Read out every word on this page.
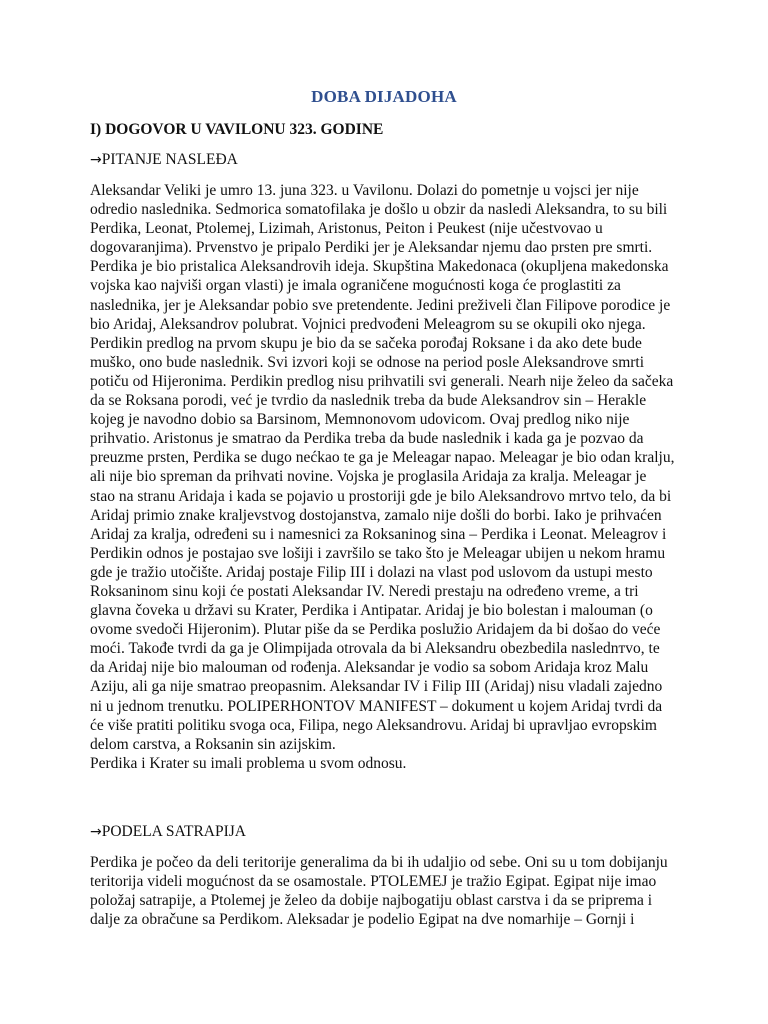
DOBA DIJADOHA
I) DOGOVOR U VAVILONU 323. GODINE
→PITANJE NASLEĐA
Aleksandar Veliki je umro 13. juna 323. u Vavilonu. Dolazi do pometnje u vojsci jer nije
odredio naslednika. Sedmorica somatofilaka je došlo u obzir da nasledi Aleksandra, to su bili
Perdika, Leonat, Ptolemej, Lizimah, Aristonus, Peiton i Peukest (nije učestvovao u
dogovaranjima). Prvenstvo je pripalo Perdiki jer je Aleksandar njemu dao prsten pre smrti.
Perdika je bio pristalica Aleksandrovih ideja. Skupština Makedonaca (okupljena makedonska
vojska kao najviši organ vlasti) je imala ograničene mogućnosti koga će proglastiti za
naslednika, jer je Aleksandar pobio sve pretendente. Jedini preživeli član Filipove porodice je
bio Aridaj, Aleksandrov polubrat. Vojnici predvođeni Meleagrom su se okupili oko njega.
Perdikin predlog na prvom skupu je bio da se sačeka porođaj Roksane i da ako dete bude
muško, ono bude naslednik. Svi izvori koji se odnose na period posle Aleksandrove smrti
potiču od Hijeronima. Perdikin predlog nisu prihvatili svi generali. Nearh nije želeo da sačeka
da se Roksana porodi, već je tvrdio da naslednik treba da bude Aleksandrov sin – Herakle
kojeg je navodno dobio sa Barsinom, Memnonovom udovicom. Ovaj predlog niko nije
prihvatio. Aristonus je smatrao da Perdika treba da bude naslednik i kada ga je pozvao da
preuzme prsten, Perdika se dugo nećkao te ga je Meleagar napao. Meleagar je bio odan kralju,
ali nije bio spreman da prihvati novine. Vojska je proglasila Aridaja za kralja. Meleagar je
stao na stranu Aridaja i kada se pojavio u prostoriji gde je bilo Aleksandrovo mrtvo telo, da bi
Aridaj primio znake kraljevstvog dostojanstva, zamalo nije došli do borbi. Iako je prihvaćen
Aridaj za kralja, određeni su i namesnici za Roksaninog sina – Perdika i Leonat. Meleagrov i
Perdikin odnos je postajao sve lošiji i završilo se tako što je Meleagar ubijen u nekom hramu
gde je tražio utočište. Aridaj postaje Filip III i dolazi na vlast pod uslovom da ustupi mesto
Roksaninom sinu koji će postati Aleksandar IV. Neredi prestaju na određeno vreme, a tri
glavna čoveka u državi su Krater, Perdika i Antipatar. Aridaj je bio bolestan i malouman (o
ovome svedoči Hijeronim). Plutar piše da se Perdika poslužio Aridajem da bi došao do veće
moći. Takođe tvrdi da ga je Olimpijada otrovala da bi Aleksandru obezbedila naslednтvo, te
da Aridaj nije bio malouman od rođenja. Aleksandar je vodio sa sobom Aridaja kroz Malu
Aziju, ali ga nije smatrao preopasnim. Aleksandar IV i Filip III (Aridaj) nisu vladali zajedno
ni u jednom trenutku. POLIPERHONTOV MANIFEST – dokument u kojem Aridaj tvrdi da
će više pratiti politiku svoga oca, Filipa, nego Aleksandrovu. Aridaj bi upravljao evropskim
delom carstva, a Roksanin sin azijskim.
Perdika i Krater su imali problema u svom odnosu.
→PODELA SATRAPIJA
Perdika je počeo da deli teritorije generalima da bi ih udaljio od sebe. Oni su u tom dobijanju
teritorija videli mogućnost da se osamostale. PTOLEMEJ je tražio Egipat. Egipat nije imao
položaj satrapije, a Ptolemej je želeo da dobije najbogatiju oblast carstva i da se priprema i
dalje za obračune sa Perdikom. Aleksadar je podelio Egipat na dve nomarhije – Gornji i
